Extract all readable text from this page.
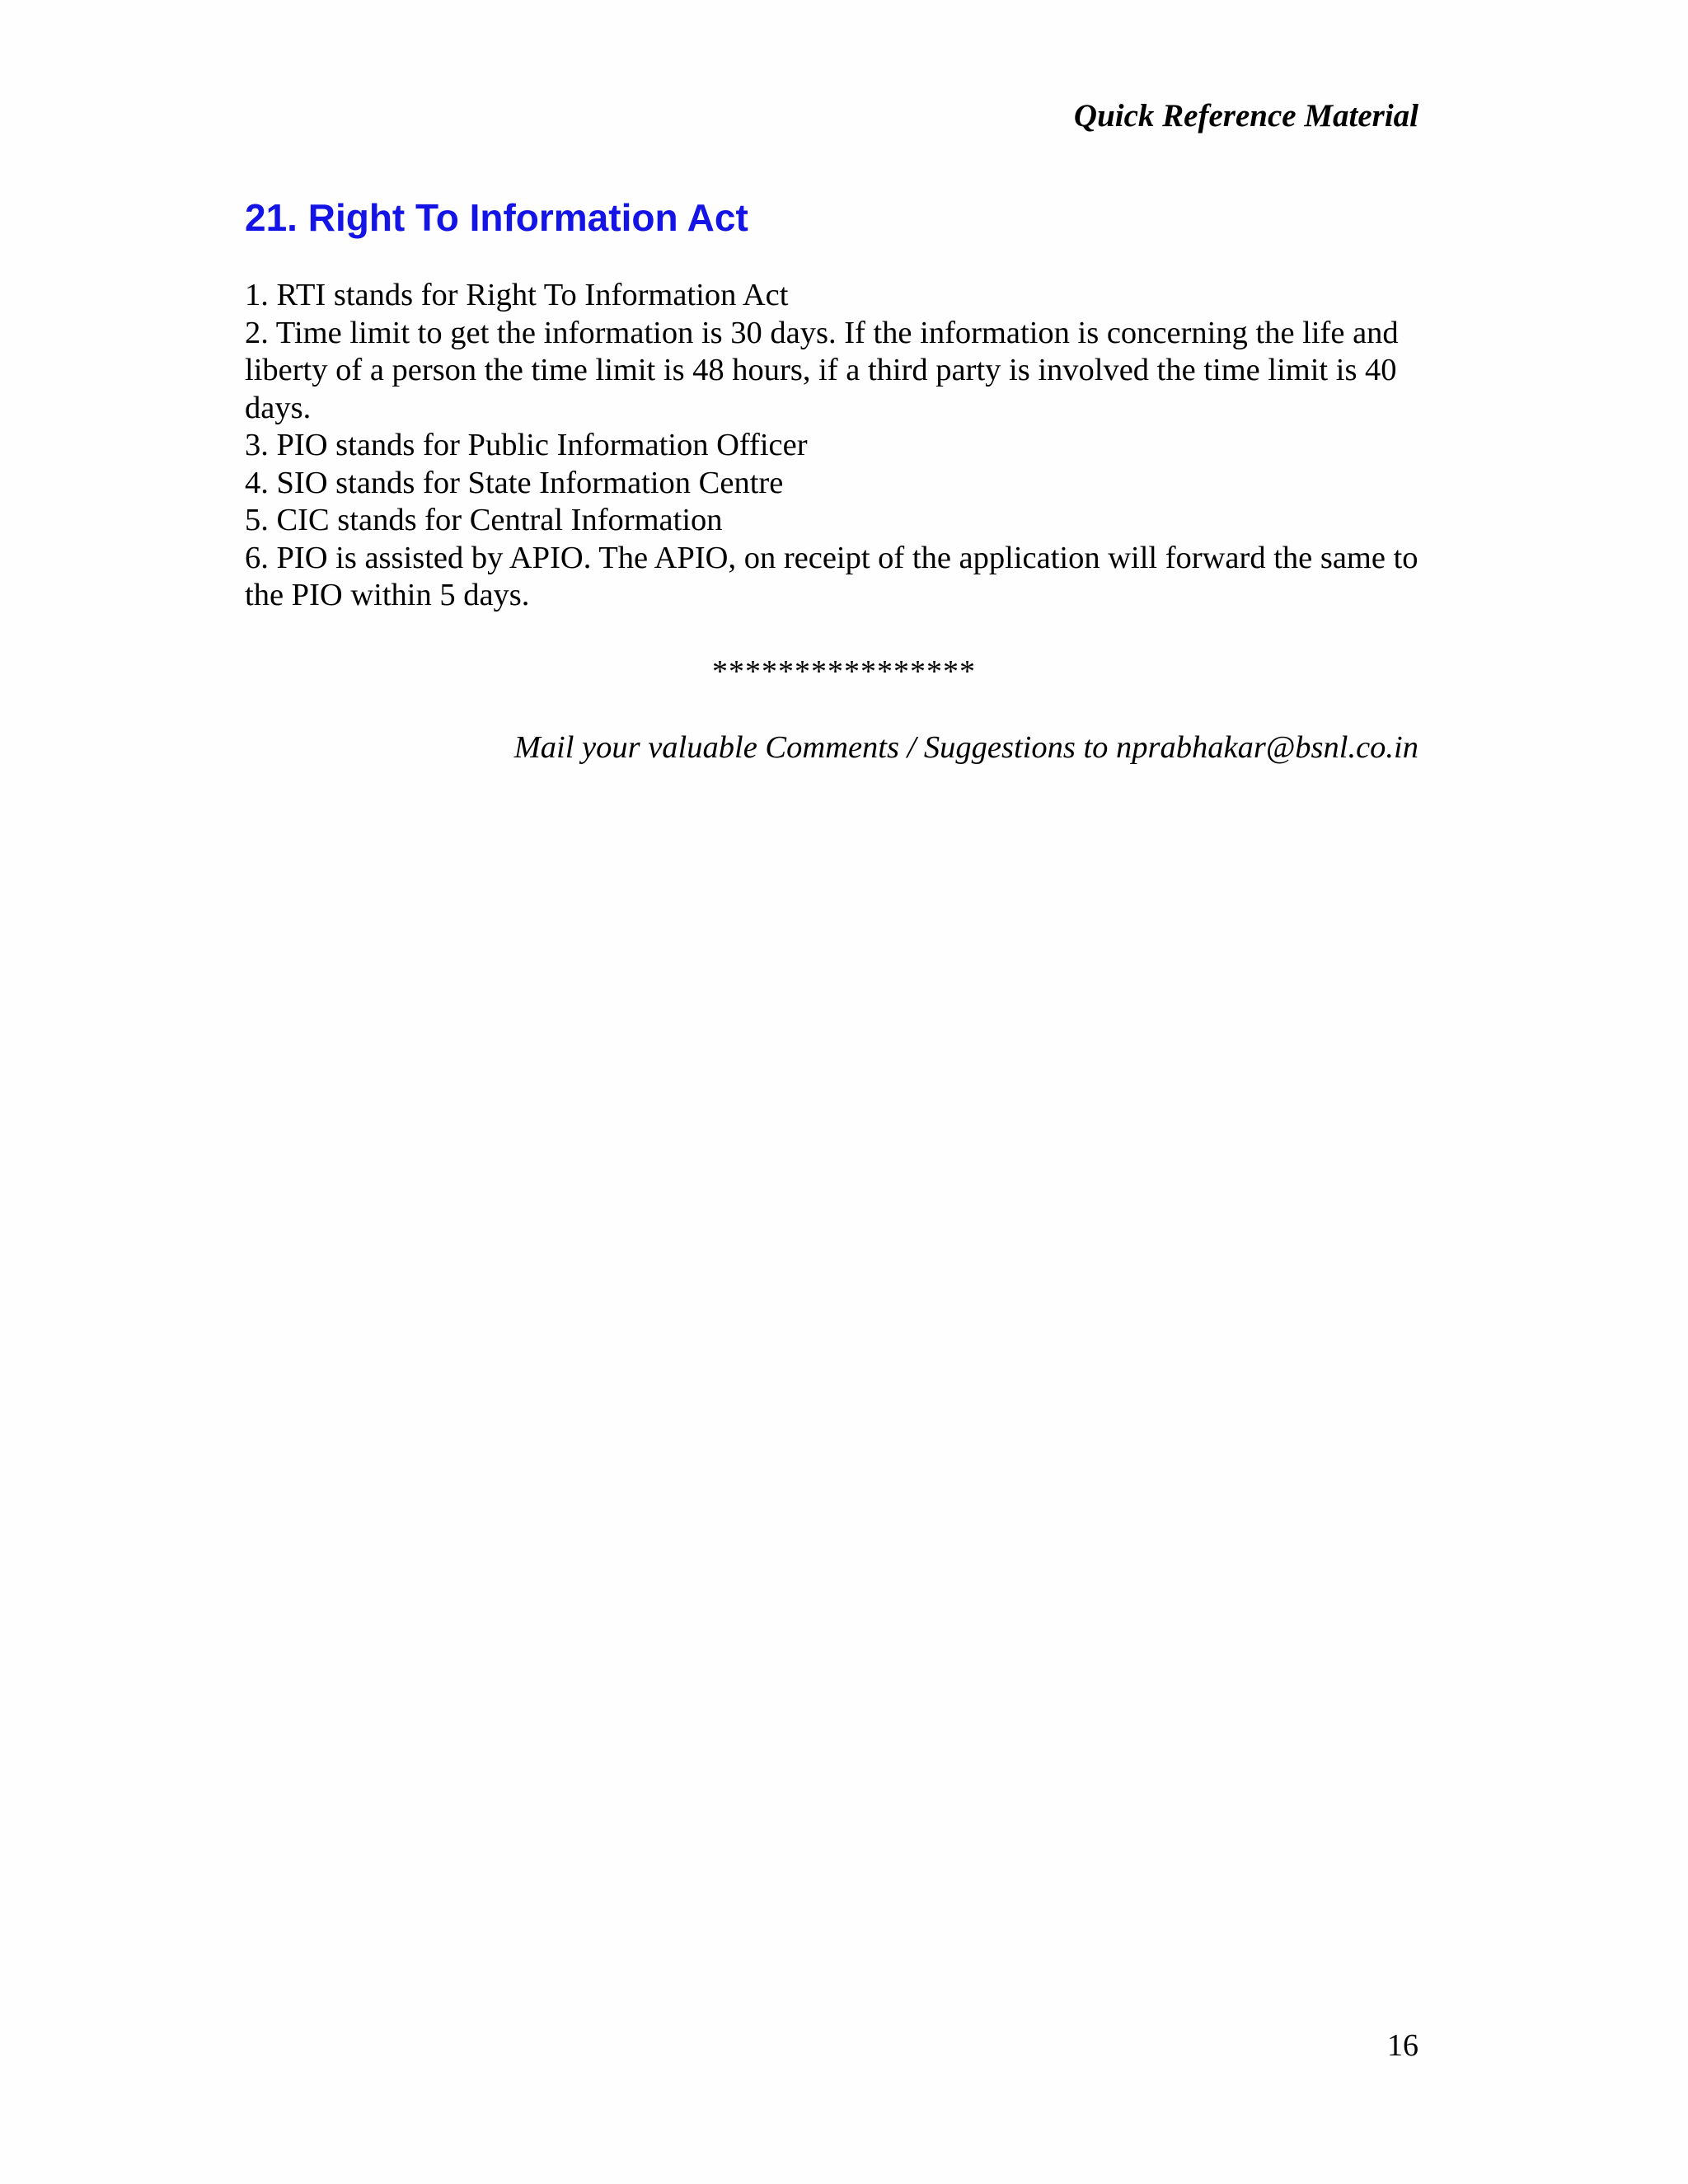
Quick Reference Material
21. Right To Information Act
1. RTI stands for Right To Information Act
2. Time limit to get the information is 30 days. If the information is concerning the life and liberty of a person the time limit is 48 hours, if a third party is involved the time limit is 40 days.
3. PIO stands for Public Information Officer
4. SIO stands for State Information Centre
5. CIC stands for Central Information
6. PIO is assisted by APIO. The APIO, on receipt of the application will forward the same to the PIO within 5 days.
****************
Mail your valuable Comments / Suggestions to nprabhakar@bsnl.co.in
16
